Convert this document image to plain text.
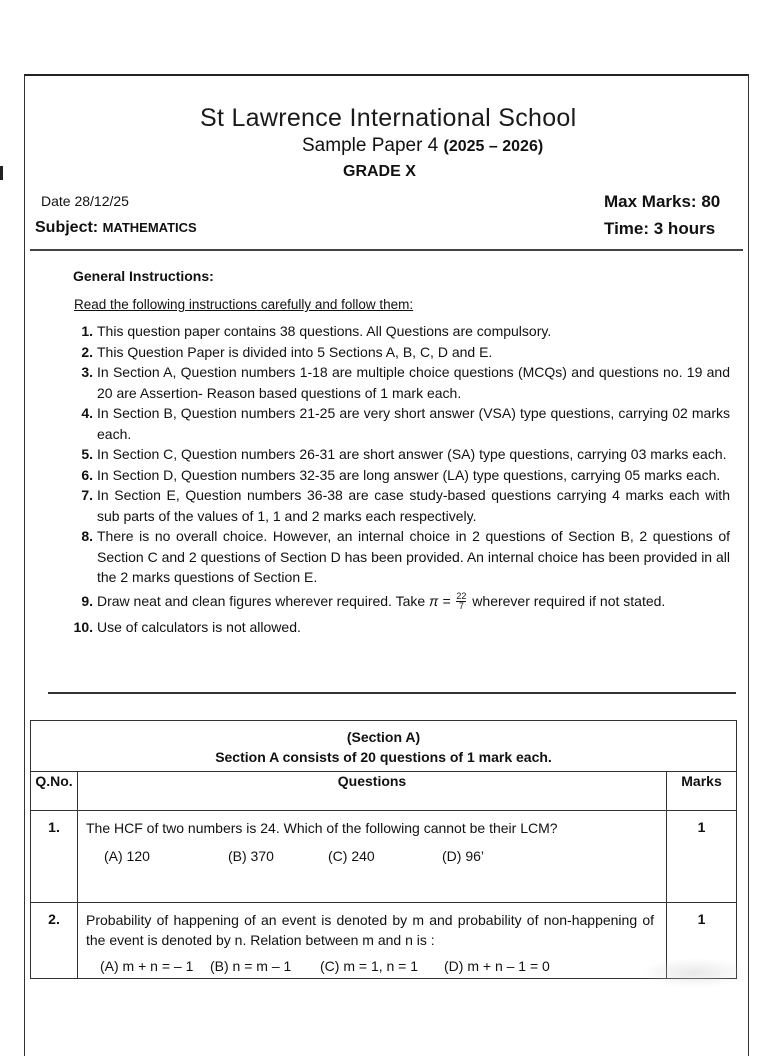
St Lawrence International School
Sample Paper 4 (2025 – 2026)
GRADE X
Date 28/12/25	Max Marks: 80
Subject: MATHEMATICS	Time: 3 hours
General Instructions:
Read the following instructions carefully and follow them:
1. This question paper contains 38 questions. All Questions are compulsory.
2. This Question Paper is divided into 5 Sections A, B, C, D and E.
3. In Section A, Question numbers 1-18 are multiple choice questions (MCQs) and questions no. 19 and 20 are Assertion- Reason based questions of 1 mark each.
4. In Section B, Question numbers 21-25 are very short answer (VSA) type questions, carrying 02 marks each.
5. In Section C, Question numbers 26-31 are short answer (SA) type questions, carrying 03 marks each.
6. In Section D, Question numbers 32-35 are long answer (LA) type questions, carrying 05 marks each.
7. In Section E, Question numbers 36-38 are case study-based questions carrying 4 marks each with sub parts of the values of 1, 1 and 2 marks each respectively.
8. There is no overall choice. However, an internal choice in 2 questions of Section B, 2 questions of Section C and 2 questions of Section D has been provided. An internal choice has been provided in all the 2 marks questions of Section E.
9. Draw neat and clean figures wherever required. Take $\pi = \frac{22}{7}$ wherever required if not stated.
10. Use of calculators is not allowed.
(Section A)
Section A consists of 20 questions of 1 mark each.		

Q.No.	Questions	Marks
1.	The HCF of two numbers is 24. Which of the following cannot be their LCM?
(A) 120 (B) 370 (C) 240 (D) 96’	1
2.	Probability of happening of an event is denoted by m and probability of non-happening of the event is denoted by n. Relation between m and n is :
(A) m + n = – 1 (B) n = m – 1 (C) m = 1, n = 1 (D) m + n – 1 = 0	1
